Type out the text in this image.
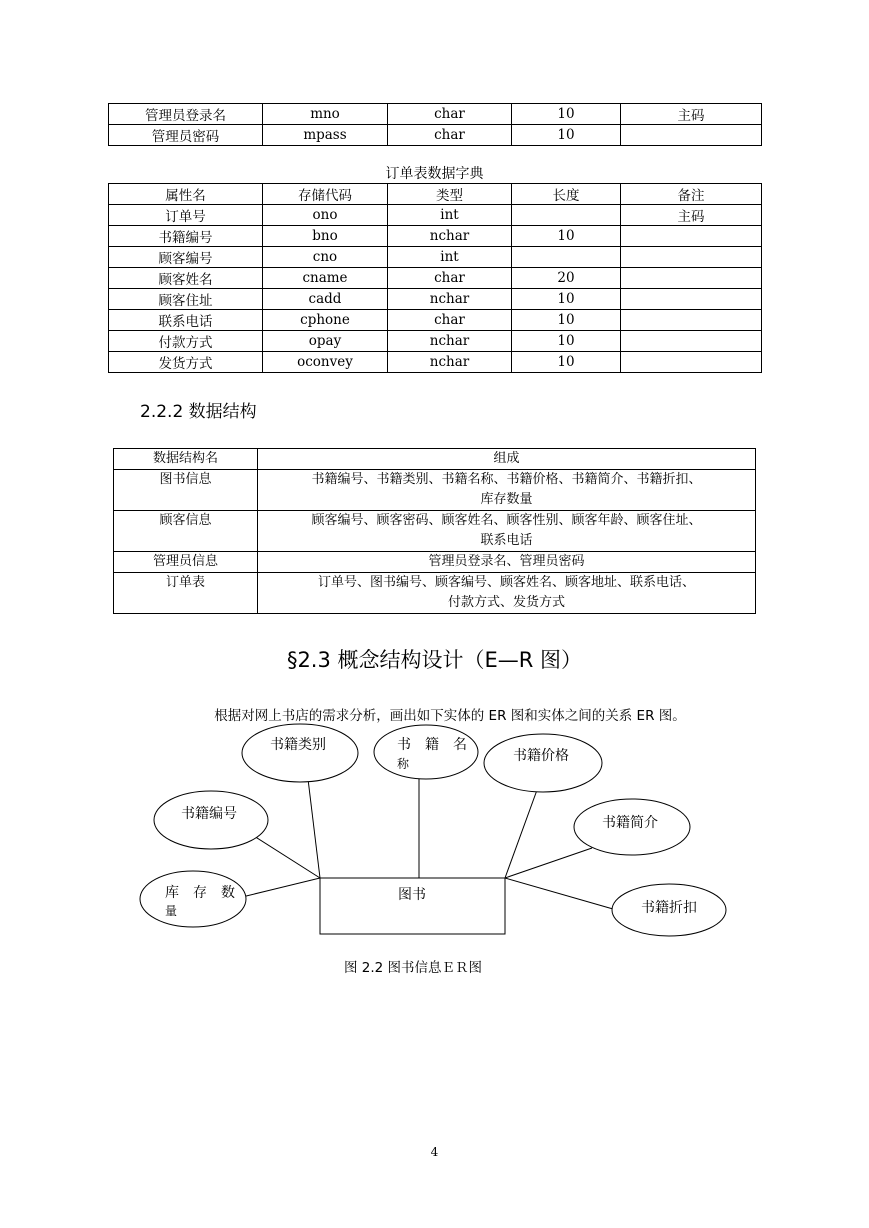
管理员登录名	mno	char	10	主码
管理员密码	mpass	char	10	
订单表数据字典
属性名	存储代码	类型	长度	备注
订单号	ono	int		主码
书籍编号	bno	nchar	10	
顾客编号	cno	int		
顾客姓名	cname	char	20	
顾客住址	cadd	nchar	10	
联系电话	cphone	char	10	
付款方式	opay	nchar	10	
发货方式	oconvey	nchar	10	
2.2.2 数据结构
数据结构名	组成
图书信息	书籍编号、书籍类别、书籍名称、书籍价格、书籍简介、书籍折扣、
库存数量

顾客信息	顾客编号、顾客密码、顾客姓名、顾客性别、顾客年龄、顾客住址、
联系电话

管理员信息	管理员登录名、管理员密码

订单表	订单号、图书编号、顾客编号、顾客姓名、顾客地址、联系电话、
付款方式、发货方式
§2.3 概念结构设计（E—R 图）
根据对网上书店的需求分析，画出如下实体的 ER 图和实体之间的关系 ER 图。
图书
书籍类别	书　籍　名
称	书籍价格
书籍编号
书籍简介
库　存　数
量	书籍折扣
图 2.2 图书信息ＥＲ图
4
